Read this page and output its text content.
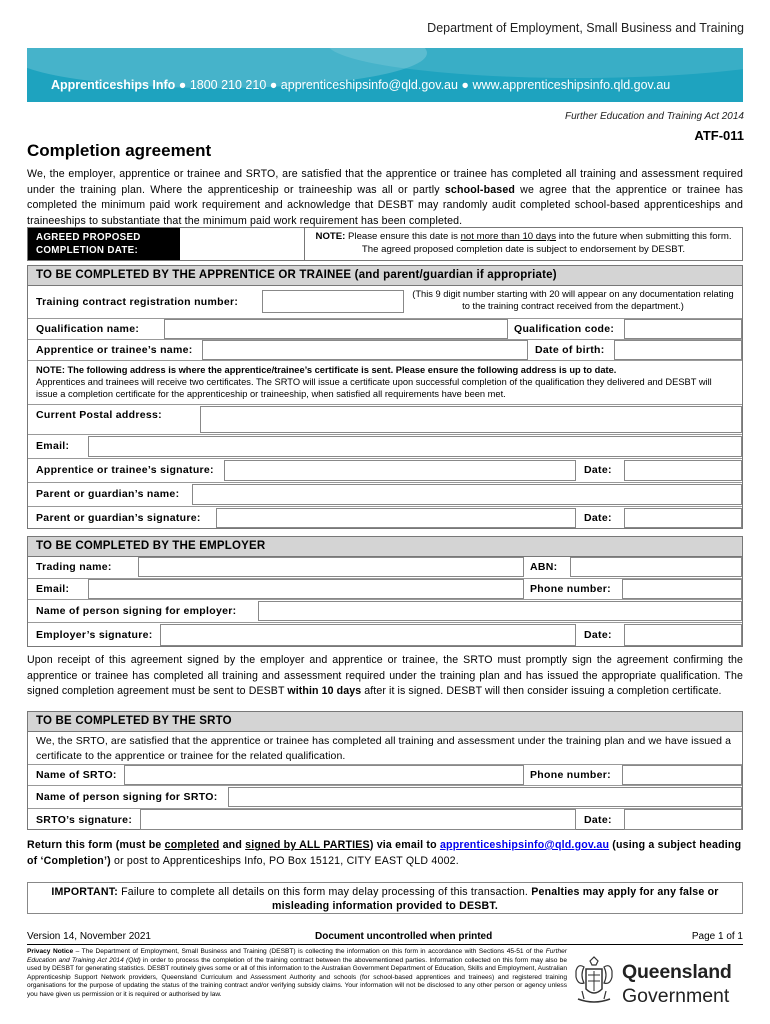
Department of Employment, Small Business and Training
Apprenticeships Info ● 1800 210 210 ● apprenticeshipsinfo@qld.gov.au ● www.apprenticeshipsinfo.qld.gov.au
Further Education and Training Act 2014
ATF-011
Completion agreement
We, the employer, apprentice or trainee and SRTO, are satisfied that the apprentice or trainee has completed all training and assessment required under the training plan. Where the apprenticeship or traineeship was all or partly school-based we agree that the apprentice or trainee has completed the minimum paid work requirement and acknowledge that DESBT may randomly audit completed school-based apprenticeships and traineeships to substantiate that the minimum paid work requirement has been completed.
AGREED PROPOSED COMPLETION DATE:
NOTE: Please ensure this date is not more than 10 days into the future when submitting this form. The agreed proposed completion date is subject to endorsement by DESBT.
TO BE COMPLETED BY THE APPRENTICE OR TRAINEE (and parent/guardian if appropriate)
Training contract registration number:
(This 9 digit number starting with 20 will appear on any documentation relating to the training contract received from the department.)
Qualification name:	Qualification code:
Apprentice or trainee’s name:	Date of birth:
NOTE: The following address is where the apprentice/trainee’s certificate is sent. Please ensure the following address is up to date.
Apprentices and trainees will receive two certificates. The SRTO will issue a certificate upon successful completion of the qualification they delivered and DESBT will issue a completion certificate for the apprenticeship or traineeship, when satisfied all requirements have been met.
Current Postal address:
Email:
Apprentice or trainee’s signature:	Date:
Parent or guardian’s name:
Parent or guardian’s signature:	Date:
TO BE COMPLETED BY THE EMPLOYER
Trading name:	ABN:
Email:	Phone number:
Name of person signing for employer:
Employer’s signature:	Date:
Upon receipt of this agreement signed by the employer and apprentice or trainee, the SRTO must promptly sign the agreement confirming the apprentice or trainee has completed all training and assessment required under the training plan and has issued the appropriate qualification. The signed completion agreement must be sent to DESBT within 10 days after it is signed. DESBT will then consider issuing a completion certificate.
TO BE COMPLETED BY THE SRTO
We, the SRTO, are satisfied that the apprentice or trainee has completed all training and assessment under the training plan and we have issued a certificate to the apprentice or trainee for the related qualification.
Name of SRTO:	Phone number:
Name of person signing for SRTO:
SRTO’s signature:	Date:
Return this form (must be completed and signed by ALL PARTIES) via email to apprenticeshipsinfo@qld.gov.au (using a subject heading of ‘Completion’) or post to Apprenticeships Info, PO Box 15121, CITY EAST QLD 4002.
IMPORTANT: Failure to complete all details on this form may delay processing of this transaction. Penalties may apply for any false or misleading information provided to DESBT.
Version 14, November 2021	Document uncontrolled when printed	Page 1 of 1
Privacy Notice – The Department of Employment, Small Business and Training (DESBT) is collecting the information on this form in accordance with Sections 45-51 of the Further Education and Training Act 2014 (Qld) in order to process the completion of the training contract between the abovementioned parties. Information collected on this form may also be used by DESBT for generating statistics. DESBT routinely gives some or all of this information to the Australian Government Department of Education, Skills and Employment, Australian Apprenticeship Support Network providers, Queensland Curriculum and Assessment Authority and schools (for school-based apprentices and trainees) and registered training organisations for the purpose of updating the status of the training contract and/or verifying subsidy claims. Your information will not be disclosed to any other person or agency unless you have given us permission or it is required or authorised by law.
Queensland
Government
